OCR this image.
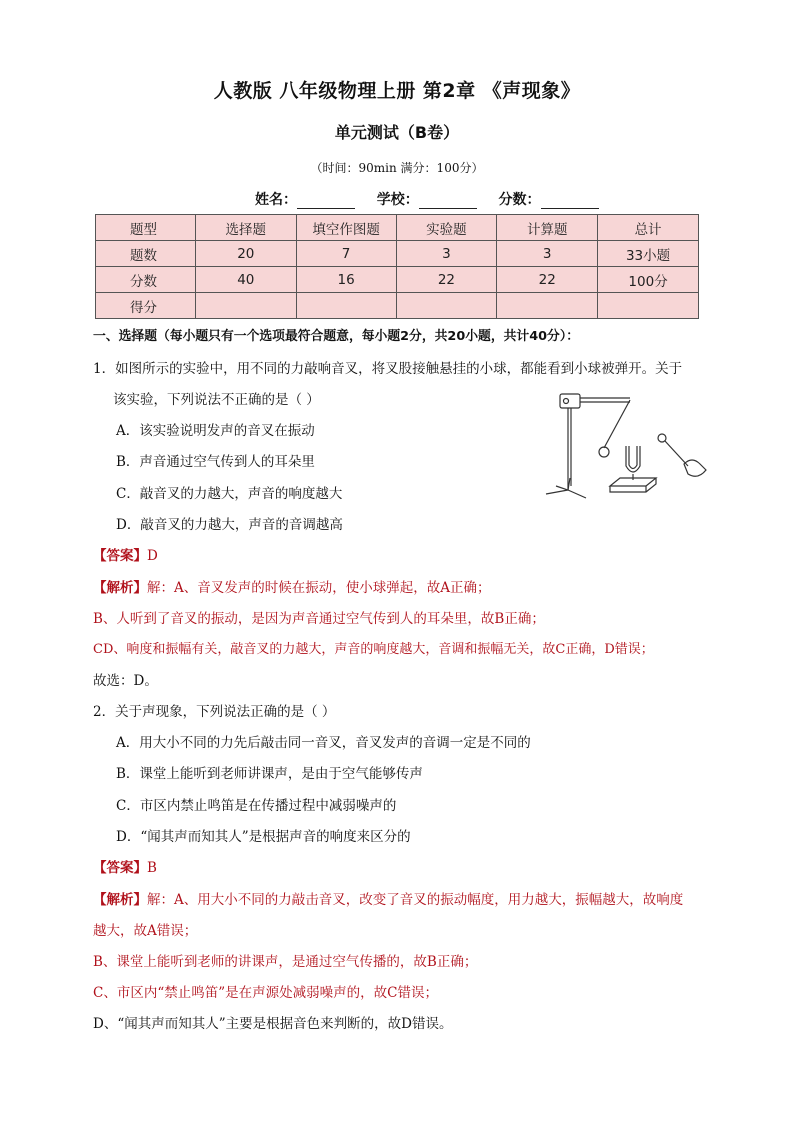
人教版 八年级物理上册 第2章 《声现象》
单元测试（B卷）
（时间：90min 满分：100分）
姓名：	学校：	分数：
题型	选择题	填空作图题	实验题	计算题	总计
题数	20	7	3	3	33小题
分数	40	16	22	22	100分
得分					
一、选择题（每小题只有一个选项最符合题意，每小题2分，共20小题，共计40分）：
1．如图所示的实验中，用不同的力敲响音叉，将叉股接触悬挂的小球，都能看到小球被弹开。关于
该实验，下列说法不正确的是（ ）
A．该实验说明发声的音叉在振动
B．声音通过空气传到人的耳朵里
C．敲音叉的力越大，声音的响度越大
D．敲音叉的力越大，声音的音调越高
【答案】D
【解析】解：A、音叉发声的时候在振动，使小球弹起，故A正确；
B、人听到了音叉的振动，是因为声音通过空气传到人的耳朵里，故B正确；
CD、响度和振幅有关，敲音叉的力越大，声音的响度越大，音调和振幅无关，故C正确，D错误；
故选：D。
2．关于声现象，下列说法正确的是（ ）
A．用大小不同的力先后敲击同一音叉，音叉发声的音调一定是不同的
B．课堂上能听到老师讲课声，是由于空气能够传声
C．市区内禁止鸣笛是在传播过程中减弱噪声的
D．“闻其声而知其人”是根据声音的响度来区分的
【答案】B
【解析】解：A、用大小不同的力敲击音叉，改变了音叉的振动幅度，用力越大，振幅越大，故响度
越大，故A错误；
B、课堂上能听到老师的讲课声，是通过空气传播的，故B正确；
C、市区内“禁止鸣笛”是在声源处减弱噪声的，故C错误；
D、“闻其声而知其人”主要是根据音色来判断的，故D错误。
